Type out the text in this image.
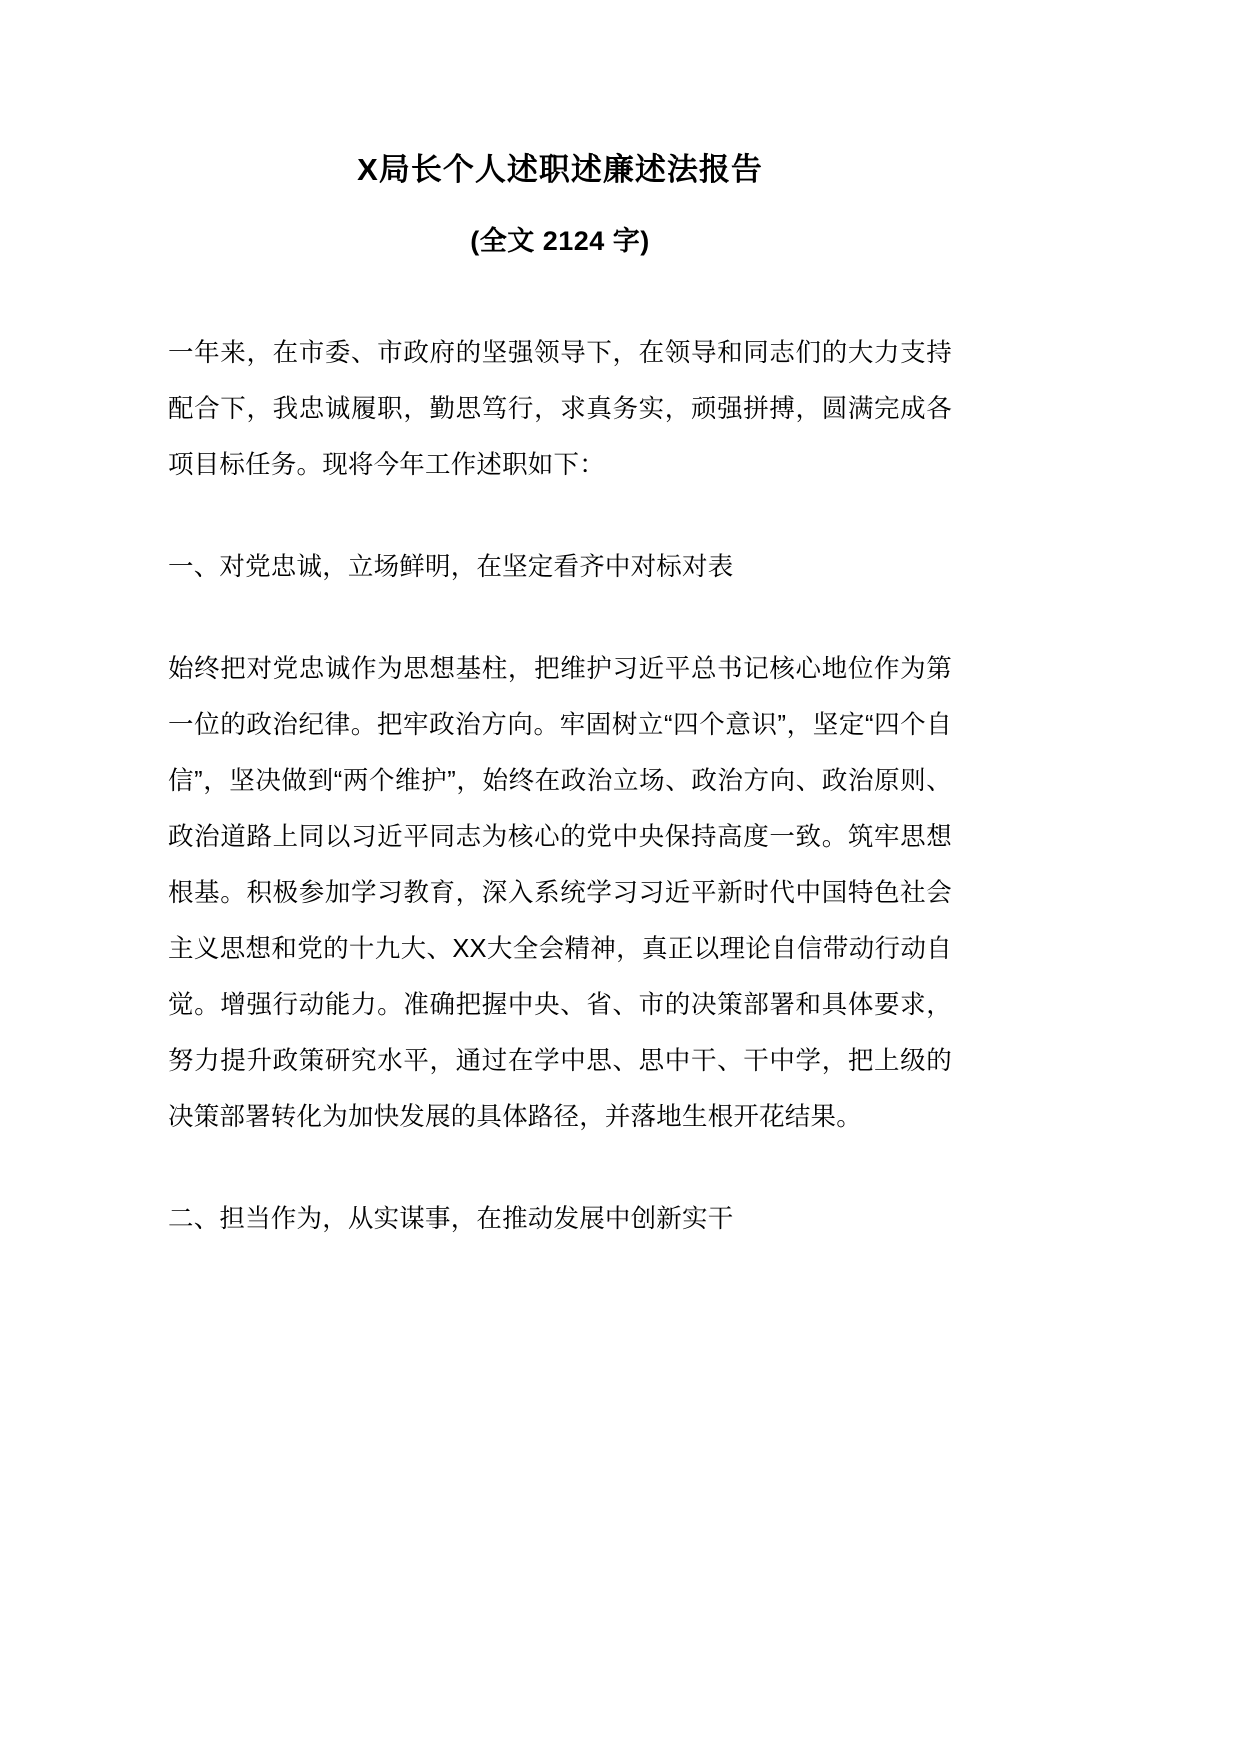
X局长个人述职述廉述法报告
(全文 2124 字)

一年来，在市委、市政府的坚强领导下，在领导和同志们的大力支持配合下，我忠诚履职，勤思笃行，求真务实，顽强拼搏，圆满完成各项目标任务。现将今年工作述职如下：

一、对党忠诚，立场鲜明，在坚定看齐中对标对表

始终把对党忠诚作为思想基柱，把维护习近平总书记核心地位作为第一位的政治纪律。把牢政治方向。牢固树立“四个意识”，坚定“四个自信”，坚决做到“两个维护”，始终在政治立场、政治方向、政治原则、政治道路上同以习近平同志为核心的党中央保持高度一致。筑牢思想根基。积极参加学习教育，深入系统学习习近平新时代中国特色社会主义思想和党的十九大、XX大全会精神，真正以理论自信带动行动自觉。增强行动能力。准确把握中央、省、市的决策部署和具体要求，努力提升政策研究水平，通过在学中思、思中干、干中学，把上级的决策部署转化为加快发展的具体路径，并落地生根开花结果。

二、担当作为，从实谋事，在推动发展中创新实干
